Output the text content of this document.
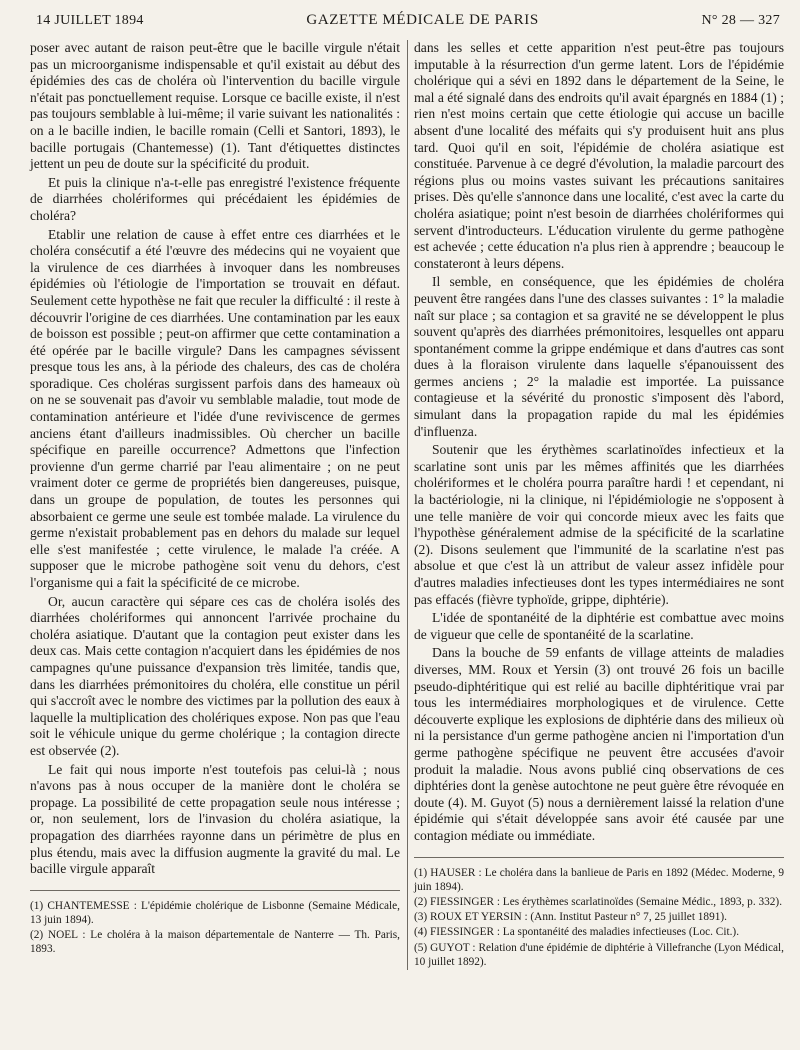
14 JUILLET 1894	GAZETTE MÉDICALE DE PARIS	N° 28 — 327

poser avec autant de raison peut-être que le bacille virgule n'était pas un microorganisme indispensable et qu'il existait au début des épidémies des cas de choléra où l'intervention du bacille virgule n'était pas ponctuellement requise. Lorsque ce bacille existe, il n'est pas toujours semblable à lui-même; il varie suivant les nationalités : on a le bacille indien, le bacille romain (Celli et Santori, 1893), le bacille portugais (Chantemesse) (1). Tant d'étiquettes distinctes jettent un peu de doute sur la spécificité du produit.

Et puis la clinique n'a-t-elle pas enregistré l'existence fréquente de diarrhées cholériformes qui précédaient les épidémies de choléra?

Etablir une relation de cause à effet entre ces diarrhées et le choléra consécutif a été l'œuvre des médecins qui ne voyaient que la virulence de ces diarrhées à invoquer dans les nombreuses épidémies où l'étiologie de l'importation se trouvait en défaut. Seulement cette hypothèse ne fait que reculer la difficulté : il reste à découvrir l'origine de ces diarrhées. Une contamination par les eaux de boisson est possible ; peut-on affirmer que cette contamination a été opérée par le bacille virgule? Dans les campagnes sévissent presque tous les ans, à la période des chaleurs, des cas de choléra sporadique. Ces choléras surgissent parfois dans des hameaux où on ne se souvenait pas d'avoir vu semblable maladie, tout mode de contamination antérieure et l'idée d'une reviviscence de germes anciens étant d'ailleurs inadmissibles. Où chercher un bacille spécifique en pareille occurrence? Admettons que l'infection provienne d'un germe charrié par l'eau alimentaire ; on ne peut vraiment doter ce germe de propriétés bien dangereuses, puisque, dans un groupe de population, de toutes les personnes qui absorbaient ce germe une seule est tombée malade. La virulence du germe n'existait probablement pas en dehors du malade sur lequel elle s'est manifestée ; cette virulence, le malade l'a créée. A supposer que le microbe pathogène soit venu du dehors, c'est l'organisme qui a fait la spécificité de ce microbe.

Or, aucun caractère qui sépare ces cas de choléra isolés des diarrhées cholériformes qui annoncent l'arrivée prochaine du choléra asiatique. D'autant que la contagion peut exister dans les deux cas. Mais cette contagion n'acquiert dans les épidémies de nos campagnes qu'une puissance d'expansion très limitée, tandis que, dans les diarrhées prémonitoires du choléra, elle constitue un péril qui s'accroît avec le nombre des victimes par la pollution des eaux à laquelle la multiplication des cholériques expose. Non pas que l'eau soit le véhicule unique du germe cholérique ; la contagion directe est observée (2).

Le fait qui nous importe n'est toutefois pas celui-là ; nous n'avons pas à nous occuper de la manière dont le choléra se propage. La possibilité de cette propagation seule nous intéresse ; or, non seulement, lors de l'invasion du choléra asiatique, la propagation des diarrhées rayonne dans un périmètre de plus en plus étendu, mais avec la diffusion augmente la gravité du mal. Le bacille virgule apparaît

(1) CHANTEMESSE : L'épidémie cholérique de Lisbonne (Semaine Médicale, 13 juin 1894).

(2) NOEL : Le choléra à la maison départementale de Nanterre — Th. Paris, 1893.

dans les selles et cette apparition n'est peut-être pas toujours imputable à la résurrection d'un germe latent. Lors de l'épidémie cholérique qui a sévi en 1892 dans le département de la Seine, le mal a été signalé dans des endroits qu'il avait épargnés en 1884 (1) ; rien n'est moins certain que cette étiologie qui accuse un bacille absent d'une localité des méfaits qui s'y produisent huit ans plus tard. Quoi qu'il en soit, l'épidémie de choléra asiatique est constituée. Parvenue à ce degré d'évolution, la maladie parcourt des régions plus ou moins vastes suivant les précautions sanitaires prises. Dès qu'elle s'annonce dans une localité, c'est avec la carte du choléra asiatique; point n'est besoin de diarrhées cholériformes qui servent d'introducteurs. L'éducation virulente du germe pathogène est achevée ; cette éducation n'a plus rien à apprendre ; beaucoup le constateront à leurs dépens.

Il semble, en conséquence, que les épidémies de choléra peuvent être rangées dans l'une des classes suivantes : 1° la maladie naît sur place ; sa contagion et sa gravité ne se développent le plus souvent qu'après des diarrhées prémonitoires, lesquelles ont apparu spontanément comme la grippe endémique et dans d'autres cas sont dues à la floraison virulente dans laquelle s'épanouissent des germes anciens ; 2° la maladie est importée. La puissance contagieuse et la sévérité du pronostic s'imposent dès l'abord, simulant dans la propagation rapide du mal les épidémies d'influenza.

Soutenir que les érythèmes scarlatinoïdes infectieux et la scarlatine sont unis par les mêmes affinités que les diarrhées cholériformes et le choléra pourra paraître hardi ! et cependant, ni la bactériologie, ni la clinique, ni l'épidémiologie ne s'opposent à une telle manière de voir qui concorde mieux avec les faits que l'hypothèse généralement admise de la spécificité de la scarlatine (2). Disons seulement que l'immunité de la scarlatine n'est pas absolue et que c'est là un attribut de valeur assez infidèle pour d'autres maladies infectieuses dont les types intermédiaires ne sont pas effacés (fièvre typhoïde, grippe, diphtérie).

L'idée de spontanéité de la diphtérie est combattue avec moins de vigueur que celle de spontanéité de la scarlatine.

Dans la bouche de 59 enfants de village atteints de maladies diverses, MM. Roux et Yersin (3) ont trouvé 26 fois un bacille pseudo-diphtéritique qui est relié au bacille diphtéritique vrai par tous les intermédiaires morphologiques et de virulence. Cette découverte explique les explosions de diphtérie dans des milieux où ni la persistance d'un germe pathogène ancien ni l'importation d'un germe pathogène spécifique ne peuvent être accusées d'avoir produit la maladie. Nous avons publié cinq observations de ces diphtéries dont la genèse autochtone ne peut guère être révoquée en doute (4). M. Guyot (5) nous a dernièrement laissé la relation d'une épidémie qui s'était développée sans avoir été causée par une contagion médiate ou immédiate.

(1) HAUSER : Le choléra dans la banlieue de Paris en 1892 (Médec. Moderne, 9 juin 1894).

(2) FIESSINGER : Les érythèmes scarlatinoïdes (Semaine Médic., 1893, p. 332).

(3) ROUX ET YERSIN : (Ann. Institut Pasteur n° 7, 25 juillet 1891).

(4) FIESSINGER : La spontanéité des maladies infectieuses (Loc. Cit.).

(5) GUYOT : Relation d'une épidémie de diphtérie à Villefranche (Lyon Médical, 10 juillet 1892).
